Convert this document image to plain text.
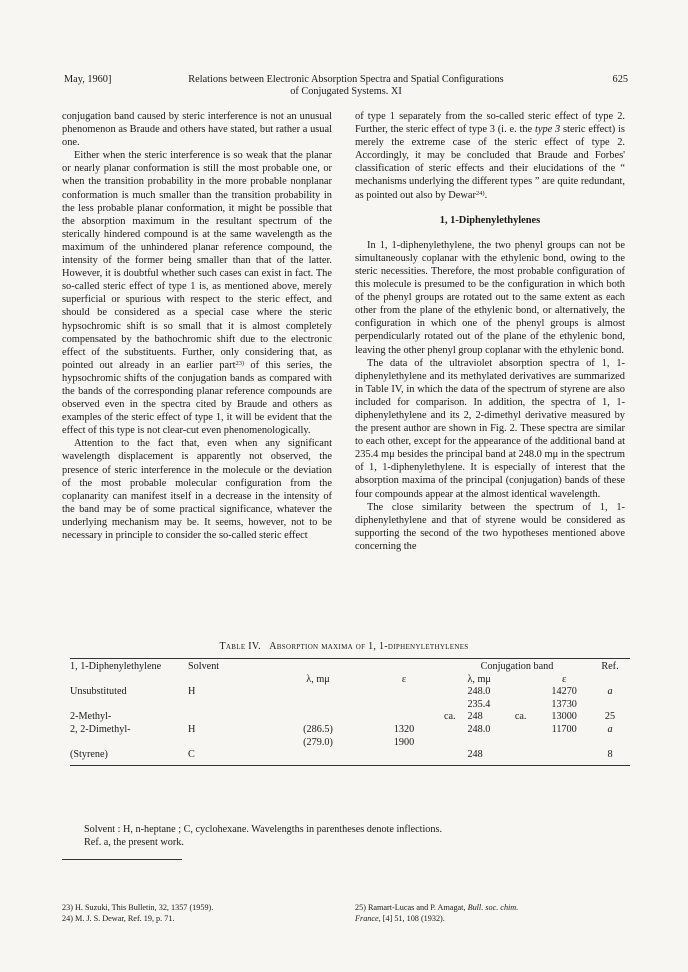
May, 1960]	Relations between Electronic Absorption Spectra and Spatial Configurations
of Conjugated Systems. XI
625

conjugation band caused by steric interference is not an unusual phenomenon as Braude and others have stated, but rather a usual one.

Either when the steric interference is so weak that the planar or nearly planar conformation is still the most probable one, or when the transition probability in the more probable nonplanar conformation is much smaller than the transition probability in the less probable planar conformation, it might be possible that the absorption maximum in the resultant spectrum of the sterically hindered compound is at the same wavelength as the maximum of the unhindered planar reference compound, the intensity of the former being smaller than that of the latter. However, it is doubtful whether such cases can exist in fact. The so-called steric effect of type 1 is, as mentioned above, merely superficial or spurious with respect to the steric effect, and should be considered as a special case where the steric hypsochromic shift is so small that it is almost completely compensated by the bathochromic shift due to the electronic effect of the substituents. Further, only considering that, as pointed out already in an earlier part$^{23)}$ of this series, the hypsochromic shifts of the conjugation bands as compared with the bands of the corresponding planar reference compounds are observed even in the spectra cited by Braude and others as examples of the steric effect of type 1, it will be evident that the effect of this type is not clear-cut even phenomenologically.

Attention to the fact that, even when any significant wavelength displacement is apparently not observed, the presence of steric interference in the molecule or the deviation of the most probable molecular configuration from the coplanarity can manifest itself in a decrease in the intensity of the band may be of some practical significance, whatever the underlying mechanism may be. It seems, however, not to be necessary in principle to consider the so-called steric effect

of type 1 separately from the so-called steric effect of type 2. Further, the steric effect of type 3 (i. e. the type 3 steric effect) is merely the extreme case of the steric effect of type 2. Accordingly, it may be concluded that Braude and Forbes' classification of steric effects and their elucidations of the “ mechanisms underlying the different types ” are quite redundant, as pointed out also by Dewar$^{24)}$.

1, 1-Diphenylethylenes

In 1, 1-diphenylethylene, the two phenyl groups can not be simultaneously coplanar with the ethylenic bond, owing to the steric necessities. Therefore, the most probable configuration of this molecule is presumed to be the configuration in which both of the phenyl groups are rotated out to the same extent as each other from the plane of the ethylenic bond, or alternatively, the configuration in which one of the phenyl groups is almost perpendicularly rotated out of the plane of the ethylenic bond, leaving the other phenyl group coplanar with the ethylenic bond.

The data of the ultraviolet absorption spectra of 1, 1-diphenylethylene and its methylated derivatives are summarized in Table IV, in which the data of the spectrum of styrene are also included for comparison. In addition, the spectra of 1, 1-diphenylethylene and its 2, 2-dimethyl derivative measured by the present author are shown in Fig. 2. These spectra are similar to each other, except for the appearance of the additional band at 235.4 mμ besides the principal band at 248.0 mμ in the spectrum of 1, 1-diphenylethylene. It is especially of interest that the absorption maxima of the principal (conjugation) bands of these four compounds appear at the almost identical wavelength.

The close similarity between the spectrum of 1, 1-diphenylethylene and that of styrene would be considered as supporting the second of the two hypotheses mentioned above concerning the

Table IV. Absorption maxima of 1, 1-diphenylethylenes
1, 1-Diphenylethylene	Solvent			Conjugation band				Ref.
		λ, mμ	ε		λ, mμ		ε	
Unsubstituted	H				248.0		14270	a
					235.4		13730	
2-Methyl-				ca.	248	ca.	13000	25
2, 2-Dimethyl-	H	(286.5)	1320		248.0		11700	a
		(279.0)	1900					
(Styrene)	C				248			8
Solvent : H, n-heptane ; C, cyclohexane. Wavelengths in parentheses denote inflections.
Ref. a, the present work.
23) H. Suzuki, This Bulletin, 32, 1357 (1959).
24) M. J. S. Dewar, Ref. 19, p. 71.
25) Ramart-Lucas and P. Amagat, Bull. soc. chim.
France, [4] 51, 108 (1932).
